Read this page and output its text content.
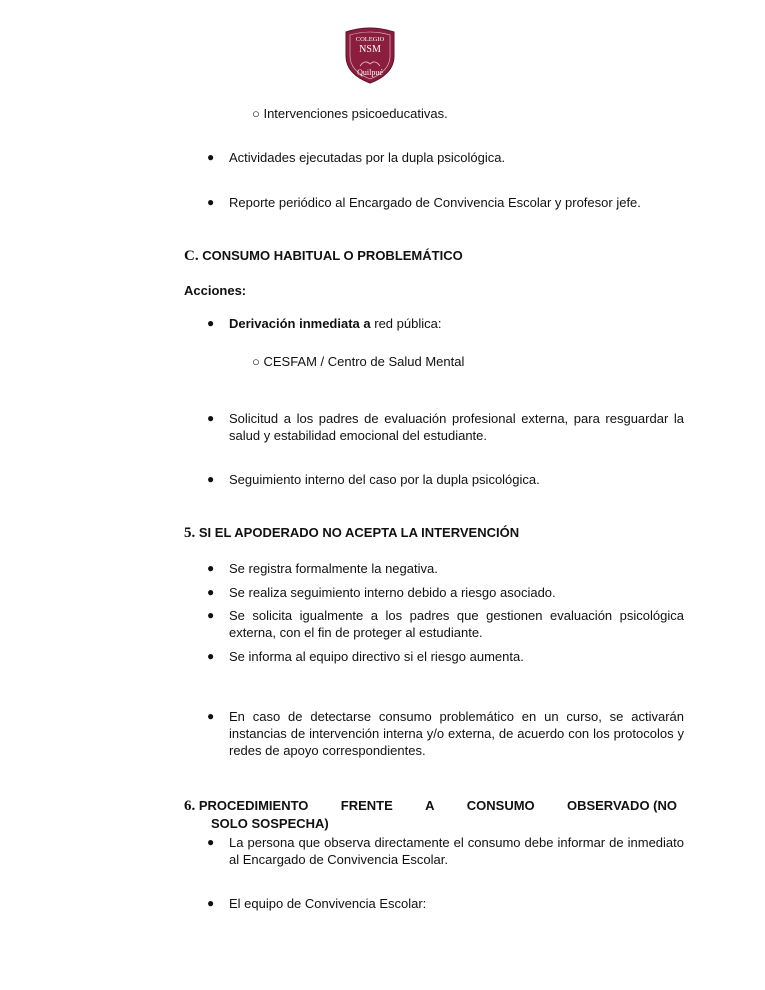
COLEGIO
NSM
Quilpué
○ Intervenciones psicoeducativas.
● Actividades ejecutadas por la dupla psicológica.
● Reporte periódico al Encargado de Convivencia Escolar y profesor jefe.
C. CONSUMO HABITUAL O PROBLEMÁTICO
Acciones:
● Derivación inmediata a red pública:
○ CESFAM / Centro de Salud Mental
● Solicitud a los padres de evaluación profesional externa, para resguardar la salud y estabilidad emocional del estudiante.
● Seguimiento interno del caso por la dupla psicológica.
5. SI EL APODERADO NO ACEPTA LA INTERVENCIÓN
● Se registra formalmente la negativa.
● Se realiza seguimiento interno debido a riesgo asociado.
● Se solicita igualmente a los padres que gestionen evaluación psicológica externa, con el fin de proteger al estudiante.
● Se informa al equipo directivo si el riesgo aumenta.
● En caso de detectarse consumo problemático en un curso, se activarán instancias de intervención interna y/o externa, de acuerdo con los protocolos y redes de apoyo correspondientes.
6. PROCEDIMIENTO FRENTE A CONSUMO OBSERVADO (NO
SOLO SOSPECHA)
● La persona que observa directamente el consumo debe informar de inmediato al Encargado de Convivencia Escolar.
● El equipo de Convivencia Escolar:
